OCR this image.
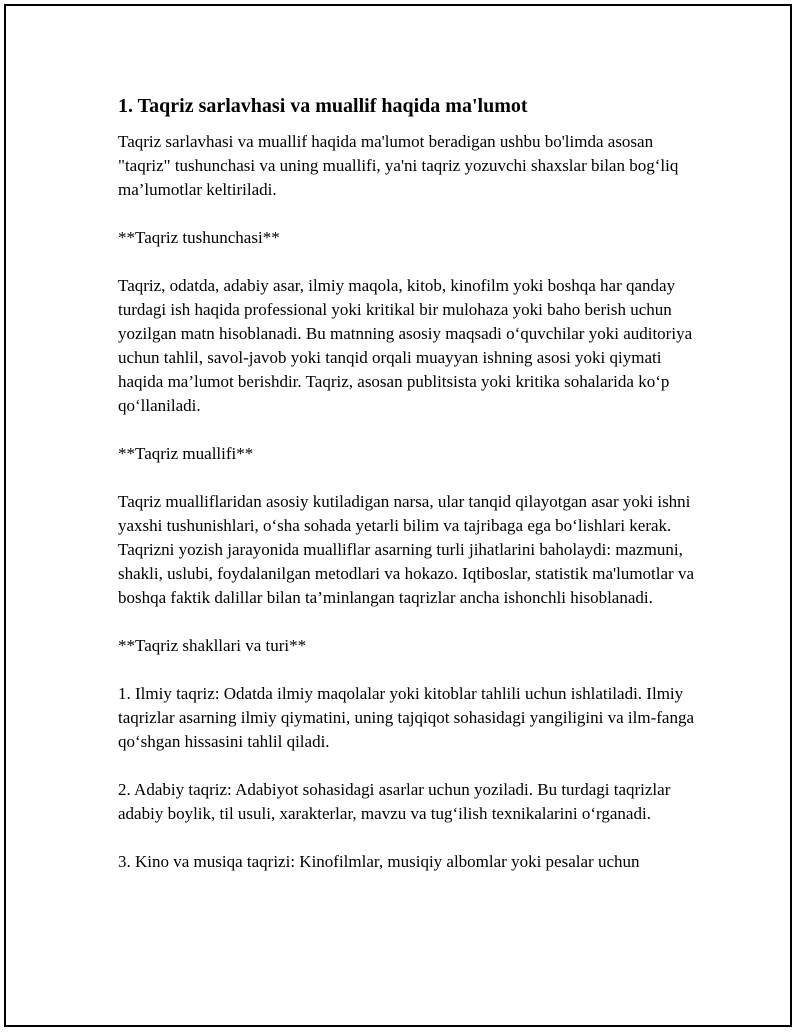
1. Taqriz sarlavhasi va muallif haqida ma'lumot

Taqriz sarlavhasi va muallif haqida ma'lumot beradigan ushbu bo'limda asosan "taqriz" tushunchasi va uning muallifi, ya'ni taqriz yozuvchi shaxslar bilan bog‘liq ma’lumotlar keltiriladi.

**Taqriz tushunchasi**

Taqriz, odatda, adabiy asar, ilmiy maqola, kitob, kinofilm yoki boshqa har qanday turdagi ish haqida professional yoki kritikal bir mulohaza yoki baho berish uchun yozilgan matn hisoblanadi. Bu matnning asosiy maqsadi o‘quvchilar yoki auditoriya uchun tahlil, savol-javob yoki tanqid orqali muayyan ishning asosi yoki qiymati haqida ma’lumot berishdir. Taqriz, asosan publitsista yoki kritika sohalarida ko‘p qo‘llaniladi.

**Taqriz muallifi**

Taqriz mualliflaridan asosiy kutiladigan narsa, ular tanqid qilayotgan asar yoki ishni yaxshi tushunishlari, o‘sha sohada yetarli bilim va tajribaga ega bo‘lishlari kerak. Taqrizni yozish jarayonida mualliflar asarning turli jihatlarini baholaydi: mazmuni, shakli, uslubi, foydalanilgan metodlari va hokazo. Iqtiboslar, statistik ma'lumotlar va boshqa faktik dalillar bilan ta’minlangan taqrizlar ancha ishonchli hisoblanadi.

**Taqriz shakllari va turi**

1. Ilmiy taqriz: Odatda ilmiy maqolalar yoki kitoblar tahlili uchun ishlatiladi. Ilmiy taqrizlar asarning ilmiy qiymatini, uning tajqiqot sohasidagi yangiligini va ilm-fanga qo‘shgan hissasini tahlil qiladi.

2. Adabiy taqriz: Adabiyot sohasidagi asarlar uchun yoziladi. Bu turdagi taqrizlar adabiy boylik, til usuli, xarakterlar, mavzu va tug‘ilish texnikalarini o‘rganadi.

3. Kino va musiqa taqrizi: Kinofilmlar, musiqiy albomlar yoki pesalar uchun
